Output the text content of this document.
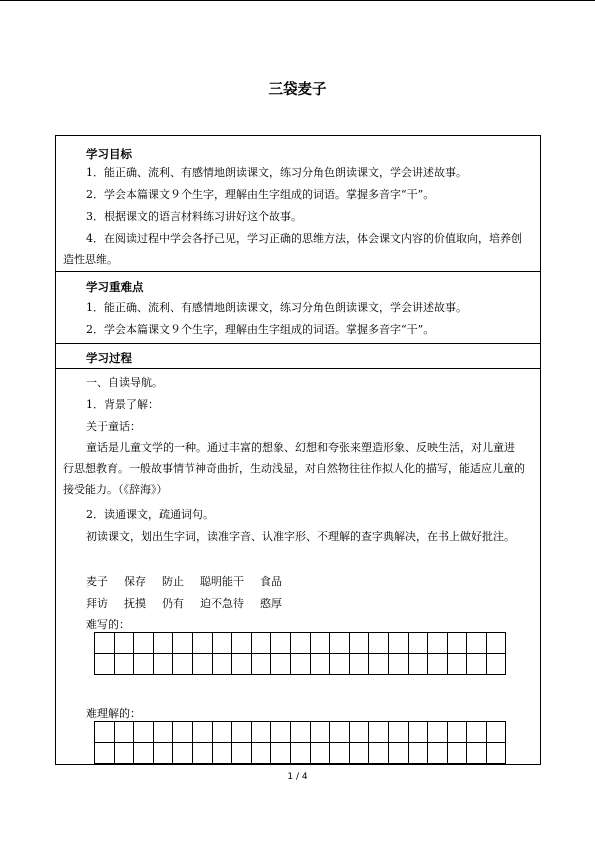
三袋麦子
学习目标
1．能正确、流利、有感情地朗读课文，练习分角色朗读课文，学会讲述故事。
2．学会本篇课文９个生字，理解由生字组成的词语。掌握多音字“干”。
3．根据课文的语言材料练习讲好这个故事。
4．在阅读过程中学会各抒己见，学习正确的思维方法，体会课文内容的价值取向，培养创造性思维。
学习重难点
1．能正确、流利、有感情地朗读课文，练习分角色朗读课文，学会讲述故事。
2．学会本篇课文９个生字，理解由生字组成的词语。掌握多音字“干”。
学习过程
一、自读导航。
1．背景了解：
关于童话：
童话是儿童文学的一种。通过丰富的想象、幻想和夸张来塑造形象、反映生活，对儿童进行思想教育。一般故事情节神奇曲折，生动浅显，对自然物往往作拟人化的描写，能适应儿童的接受能力。（《辞海》）
2．读通课文，疏通词句。
初读课文，划出生字词，读准字音、认准字形、不理解的查字典解决，在书上做好批注。
麦子 保存 防止 聪明能干 食品
拜访 抚摸 仍有 迫不急待 憨厚
难写的：

难理解的：

1 / 4
